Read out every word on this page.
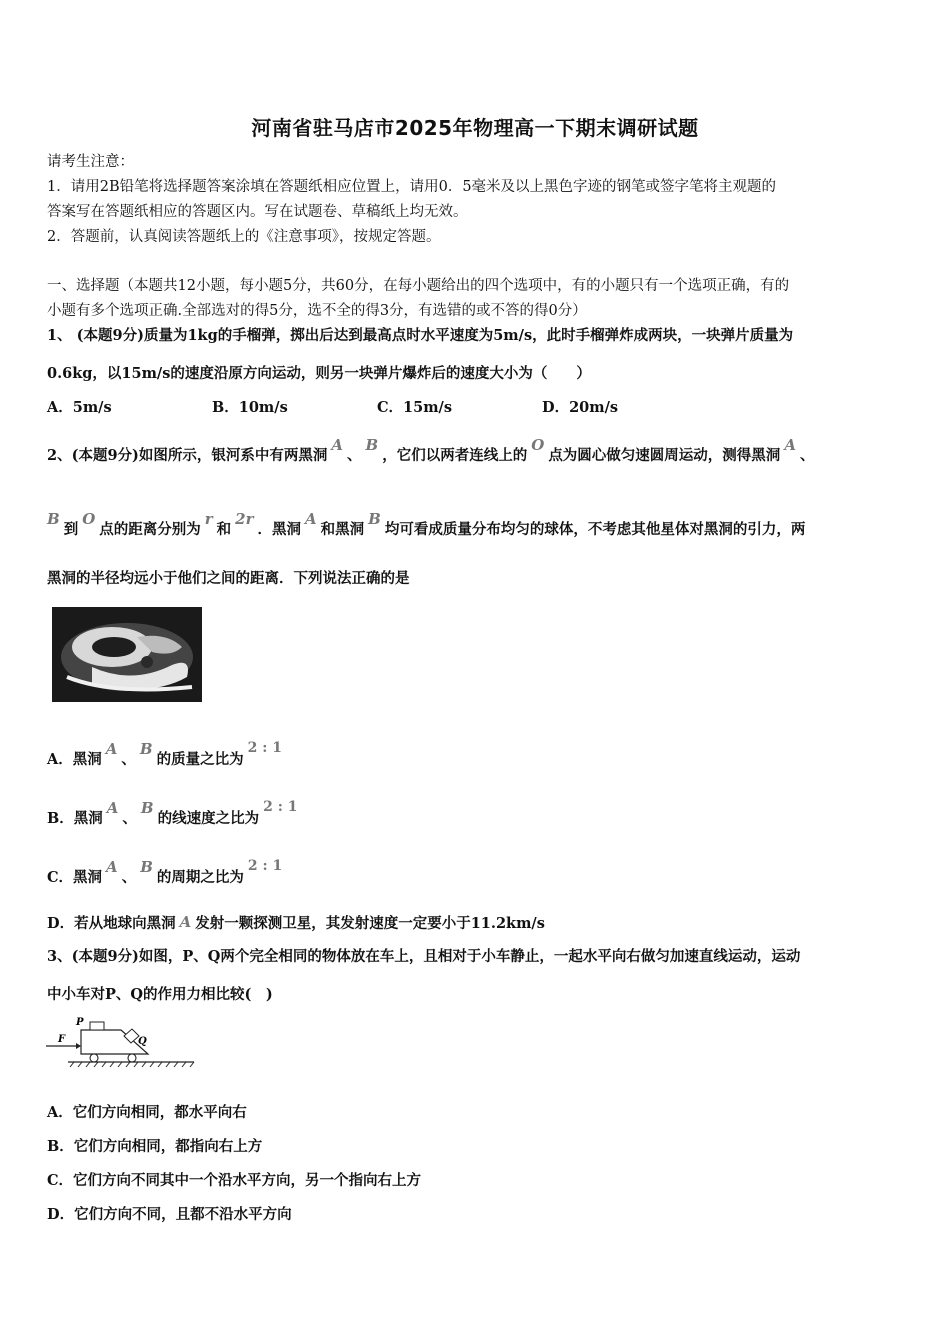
河南省驻马店市2025年物理高一下期末调研试题
请考生注意：
1．请用2B铅笔将选择题答案涂填在答题纸相应位置上，请用0．5毫米及以上黑色字迹的钢笔或签字笔将主观题的
答案写在答题纸相应的答题区内。写在试题卷、草稿纸上均无效。
2．答题前，认真阅读答题纸上的《注意事项》，按规定答题。
一、选择题（本题共12小题，每小题5分，共60分，在每小题给出的四个选项中，有的小题只有一个选项正确，有的
小题有多个选项正确.全部选对的得5分，选不全的得3分，有选错的或不答的得0分）
1、 (本题9分)质量为1kg的手榴弹，掷出后达到最高点时水平速度为5m/s，此时手榴弹炸成两块，一块弹片质量为
0.6kg，以15m/s的速度沿原方向运动，则另一块弹片爆炸后的速度大小为（　　）
A．5m/s	B．10m/s	C．15m/s	D．20m/s
2、(本题9分)如图所示，银河系中有两黑洞A、B，它们以两者连线上的O点为圆心做匀速圆周运动，测得黑洞A、
B到O点的距离分别为r和2r．黑洞A和黑洞B均可看成质量分布均匀的球体，不考虑其他星体对黑洞的引力，两
黑洞的半径均远小于他们之间的距离．下列说法正确的是
A．黑洞A、B的质量之比为2 : 1
B．黑洞A、B的线速度之比为2 : 1
C．黑洞A、B的周期之比为2 : 1
D．若从地球向黑洞 A 发射一颗探测卫星，其发射速度一定要小于11.2km/s
3、(本题9分)如图，P、Q两个完全相同的物体放在车上，且相对于小车静止，一起水平向右做匀加速直线运动，运动
中小车对P、Q的作用力相比较(　)
F
P
Q
A．它们方向相同，都水平向右
B．它们方向相同，都指向右上方
C．它们方向不同其中一个沿水平方向，另一个指向右上方
D．它们方向不同，且都不沿水平方向
